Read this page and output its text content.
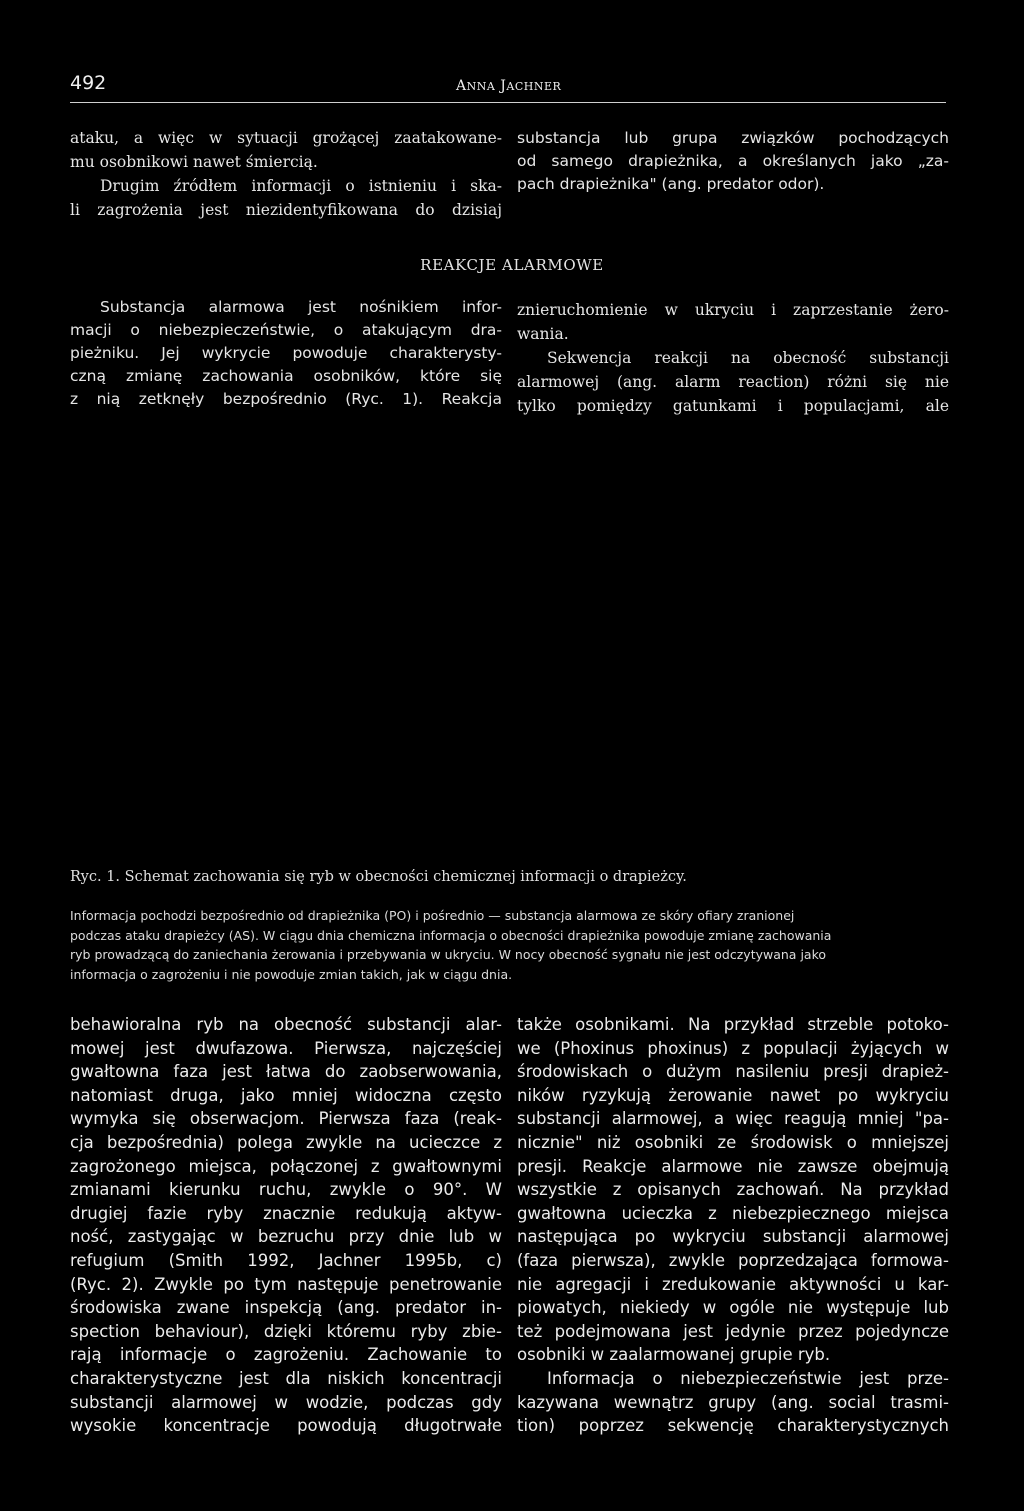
492	ANNA JACHNER
ataku, a więc w sytuacji grożącej zaatakowane-
mu osobnikowi nawet śmiercią.
Drugim źródłem informacji o istnieniu i ska-
li zagrożenia jest niezidentyfikowana do dzisiaj
substancja lub grupa związków pochodzących
od samego drapieżnika, a określanych jako „za-
pach drapieżnika" (ang. predator odor).
REAKCJE ALARMOWE
Substancja alarmowa jest nośnikiem infor-
macji o niebezpieczeństwie, o atakującym dra-
pieżniku. Jej wykrycie powoduje charakterysty-
czną zmianę zachowania osobników, które się
z nią zetknęły bezpośrednio (Ryc. 1). Reakcja
znieruchomienie w ukryciu i zaprzestanie żero-
wania.
Sekwencja reakcji na obecność substancji
alarmowej (ang. alarm reaction) różni się nie
tylko pomiędzy gatunkami i populacjami, ale
Ryc. 1. Schemat zachowania się ryb w obecności chemicznej informacji o drapieżcy.
Informacja pochodzi bezpośrednio od drapieżnika (PO) i pośrednio — substancja alarmowa ze skóry ofiary zranionej
podczas ataku drapieżcy (AS). W ciągu dnia chemiczna informacja o obecności drapieżnika powoduje zmianę zachowania
ryb prowadzącą do zaniechania żerowania i przebywania w ukryciu. W nocy obecność sygnału nie jest odczytywana jako
informacja o zagrożeniu i nie powoduje zmian takich, jak w ciągu dnia.
behawioralna ryb na obecność substancji alar-
mowej jest dwufazowa. Pierwsza, najczęściej
gwałtowna faza jest łatwa do zaobserwowania,
natomiast druga, jako mniej widoczna często
wymyka się obserwacjom. Pierwsza faza (reak-
cja bezpośrednia) polega zwykle na ucieczce z
zagrożonego miejsca, połączonej z gwałtownymi
zmianami kierunku ruchu, zwykle o 90°. W
drugiej fazie ryby znacznie redukują aktyw-
ność, zastygając w bezruchu przy dnie lub w
refugium (Smith 1992, Jachner 1995b, c)
(Ryc. 2). Zwykle po tym następuje penetrowanie
środowiska zwane inspekcją (ang. predator in-
spection behaviour), dzięki któremu ryby zbie-
rają informacje o zagrożeniu. Zachowanie to
charakterystyczne jest dla niskich koncentracji
substancji alarmowej w wodzie, podczas gdy
wysokie koncentracje powodują długotrwałe
także osobnikami. Na przykład strzeble potoko-
we (Phoxinus phoxinus) z populacji żyjących w
środowiskach o dużym nasileniu presji drapież-
ników ryzykują żerowanie nawet po wykryciu
substancji alarmowej, a więc reagują mniej "pa-
nicznie" niż osobniki ze środowisk o mniejszej
presji. Reakcje alarmowe nie zawsze obejmują
wszystkie z opisanych zachowań. Na przykład
gwałtowna ucieczka z niebezpiecznego miejsca
następująca po wykryciu substancji alarmowej
(faza pierwsza), zwykle poprzedzająca formowa-
nie agregacji i zredukowanie aktywności u kar-
piowatych, niekiedy w ogóle nie występuje lub
też podejmowana jest jedynie przez pojedyncze
osobniki w zaalarmowanej grupie ryb.
Informacja o niebezpieczeństwie jest prze-
kazywana wewnątrz grupy (ang. social trasmi-
tion) poprzez sekwencję charakterystycznych
